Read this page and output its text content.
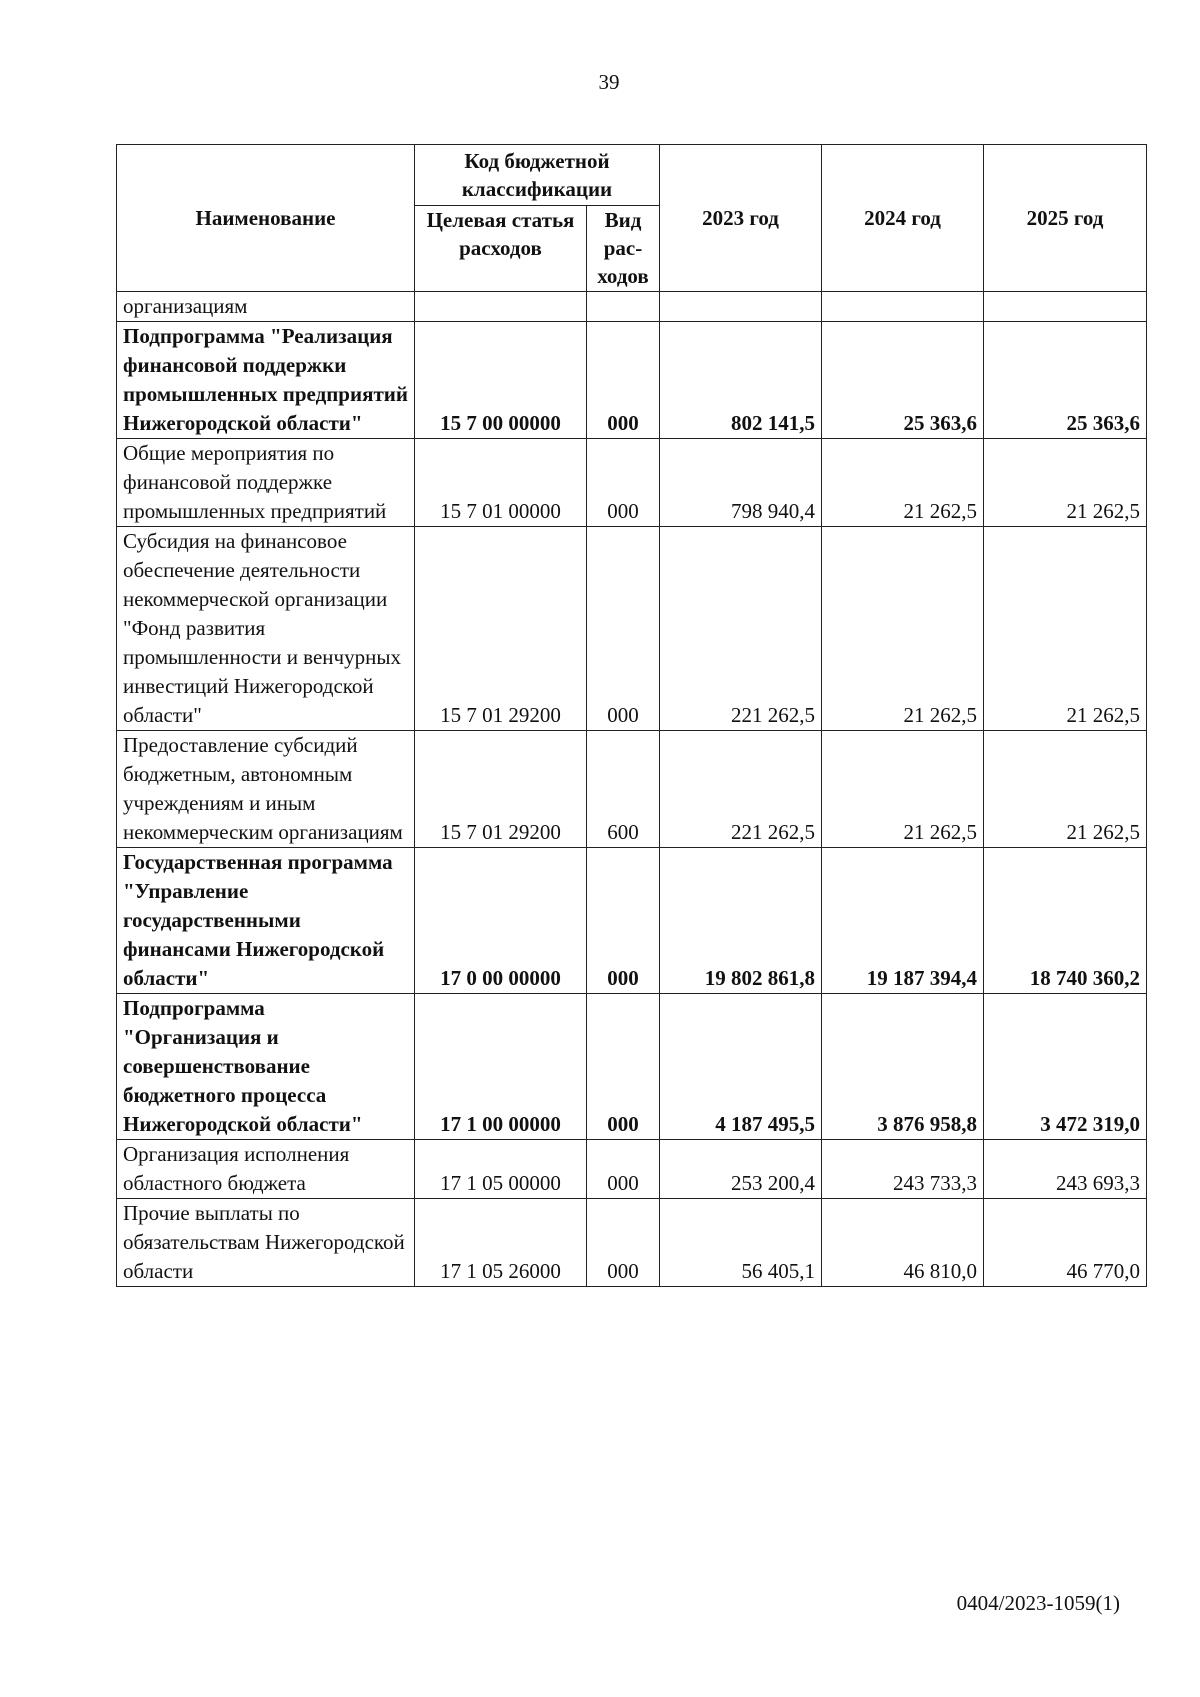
39
Наименование	Код бюджетной классификации		2023 год	2024 год	2025 год
	Целевая статья расходов	Вид рас-ходов			
организациям					
Подпрограмма "Реализация финансовой поддержки промышленных предприятий Нижегородской области"	15 7 00 00000	000	802 141,5	25 363,6	25 363,6
Общие мероприятия по финансовой поддержке промышленных предприятий	15 7 01 00000	000	798 940,4	21 262,5	21 262,5
Субсидия на финансовое обеспечение деятельности некоммерческой организации "Фонд развития промышленности и венчурных инвестиций Нижегородской области"	15 7 01 29200	000	221 262,5	21 262,5	21 262,5
Предоставление субсидий бюджетным, автономным учреждениям и иным некоммерческим организациям	15 7 01 29200	600	221 262,5	21 262,5	21 262,5
Государственная программа "Управление государственными финансами Нижегородской области"	17 0 00 00000	000	19 802 861,8	19 187 394,4	18 740 360,2
Подпрограмма "Организация и совершенствование бюджетного процесса Нижегородской области"	17 1 00 00000	000	4 187 495,5	3 876 958,8	3 472 319,0
Организация исполнения областного бюджета	17 1 05 00000	000	253 200,4	243 733,3	243 693,3
Прочие выплаты по обязательствам Нижегородской области	17 1 05 26000	000	56 405,1	46 810,0	46 770,0
0404/2023-1059(1)
